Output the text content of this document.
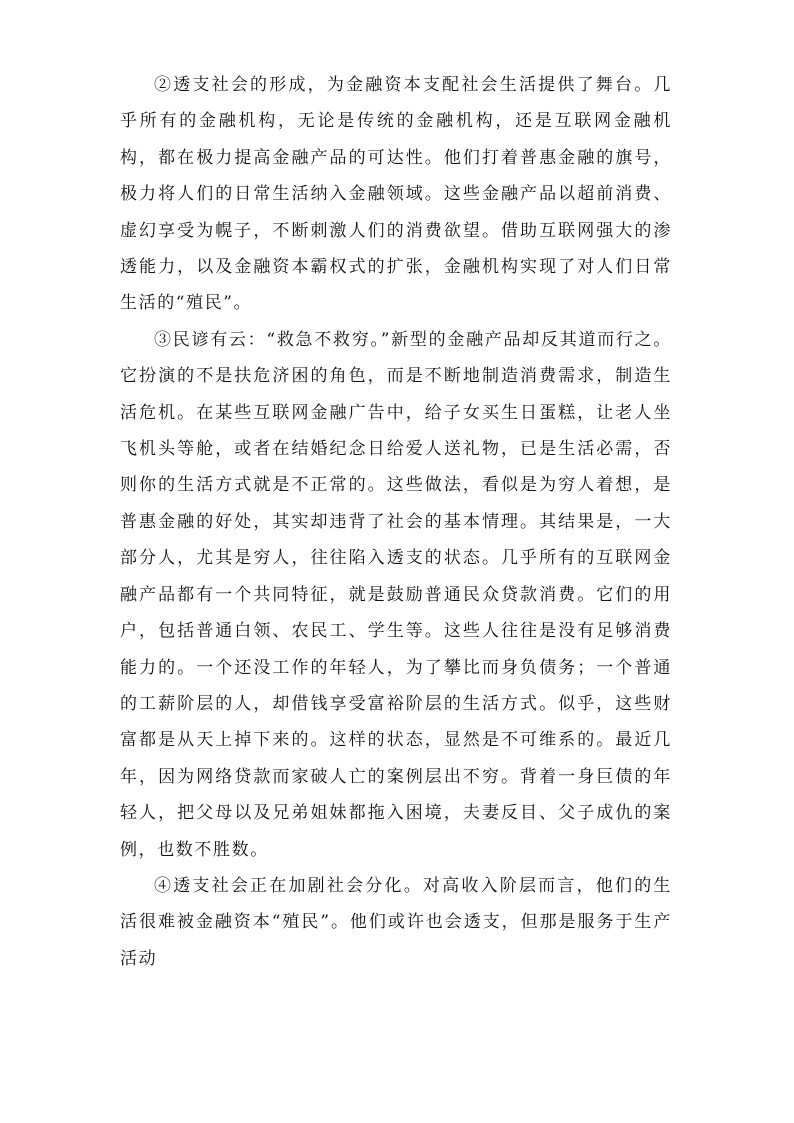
②透支社会的形成，为金融资本支配社会生活提供了舞台。几乎所有的金融机构，无论是传统的金融机构，还是互联网金融机构，都在极力提高金融产品的可达性。他们打着普惠金融的旗号，极力将人们的日常生活纳入金融领域。这些金融产品以超前消费、虚幻享受为幌子，不断刺激人们的消费欲望。借助互联网强大的渗透能力，以及金融资本霸权式的扩张，金融机构实现了对人们日常生活的“殖民”。

③民谚有云：“救急不救穷。”新型的金融产品却反其道而行之。它扮演的不是扶危济困的角色，而是不断地制造消费需求，制造生活危机。在某些互联网金融广告中，给子女买生日蛋糕，让老人坐飞机头等舱，或者在结婚纪念日给爱人送礼物，已是生活必需，否则你的生活方式就是不正常的。这些做法，看似是为穷人着想，是普惠金融的好处，其实却违背了社会的基本情理。其结果是，一大部分人，尤其是穷人，往往陷入透支的状态。几乎所有的互联网金融产品都有一个共同特征，就是鼓励普通民众贷款消费。它们的用户，包括普通白领、农民工、学生等。这些人往往是没有足够消费能力的。一个还没工作的年轻人，为了攀比而身负债务；一个普通的工薪阶层的人，却借钱享受富裕阶层的生活方式。似乎，这些财富都是从天上掉下来的。这样的状态，显然是不可维系的。最近几年，因为网络贷款而家破人亡的案例层出不穷。背着一身巨债的年轻人，把父母以及兄弟姐妹都拖入困境，夫妻反目、父子成仇的案例，也数不胜数。

④透支社会正在加剧社会分化。对高收入阶层而言，他们的生活很难被金融资本“殖民”。他们或许也会透支，但那是服务于生产活动
